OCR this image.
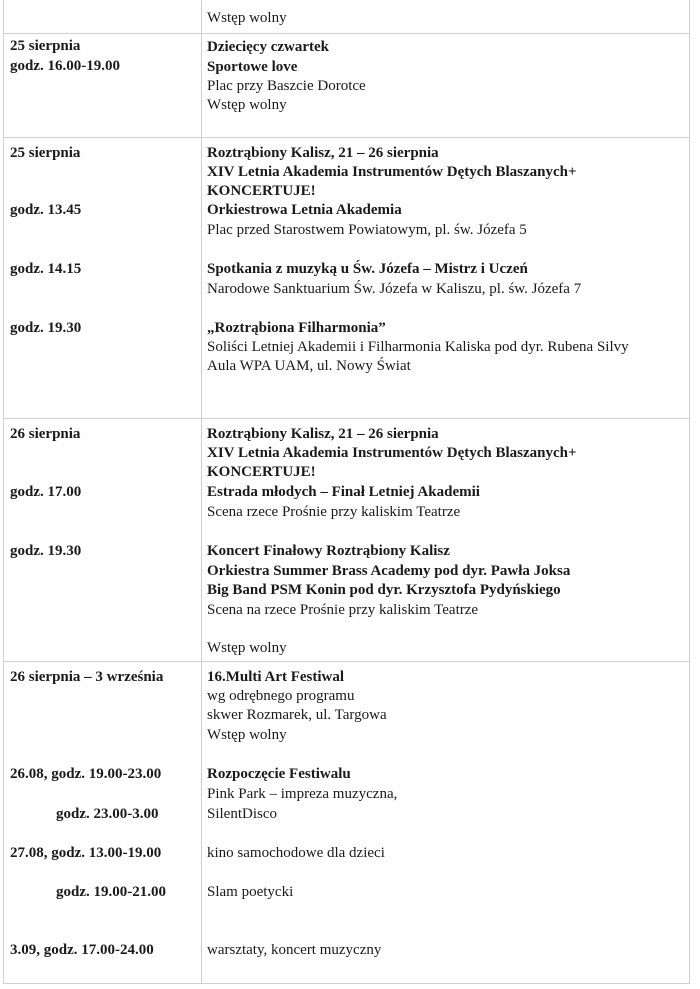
Wstęp wolny
25 sierpnia
godz. 16.00-19.00
Dziecięcy czwartek
Sportowe love
Plac przy Baszcie Dorotce
Wstęp wolny
25 sierpnia
godz. 13.45
godz. 14.15
godz. 19.30
Roztrąbiony Kalisz, 21 – 26 sierpnia
XIV Letnia Akademia Instrumentów Dętych Blaszanych+
KONCERTUJE!
Orkiestrowa Letnia Akademia
Plac przed Starostwem Powiatowym, pl. św. Józefa 5
Spotkania z muzyką u Św. Józefa – Mistrz i Uczeń
Narodowe Sanktuarium Św. Józefa w Kaliszu, pl. św. Józefa 7
„Roztrąbiona Filharmonia”
Soliści Letniej Akademii i Filharmonia Kaliska pod dyr. Rubena Silvy
Aula WPA UAM, ul. Nowy Świat
26 sierpnia
godz. 17.00
godz. 19.30
Roztrąbiony Kalisz, 21 – 26 sierpnia
XIV Letnia Akademia Instrumentów Dętych Blaszanych+
KONCERTUJE!
Estrada młodych – Finał Letniej Akademii
Scena rzece Prośnie przy kaliskim Teatrze
Koncert Finałowy Roztrąbiony Kalisz
Orkiestra Summer Brass Academy pod dyr. Pawła Joksa
Big Band PSM Konin pod dyr. Krzysztofa Pydyńskiego
Scena na rzece Prośnie przy kaliskim Teatrze
Wstęp wolny
26 sierpnia – 3 września
26.08, godz. 19.00-23.00
godz. 23.00-3.00
27.08, godz. 13.00-19.00
godz. 19.00-21.00
3.09, godz. 17.00-24.00
16.Multi Art Festiwal
wg odrębnego programu
skwer Rozmarek, ul. Targowa
Wstęp wolny
Rozpoczęcie Festiwalu
Pink Park – impreza muzyczna,
SilentDisco
kino samochodowe dla dzieci
Slam poetycki
warsztaty, koncert muzyczny
